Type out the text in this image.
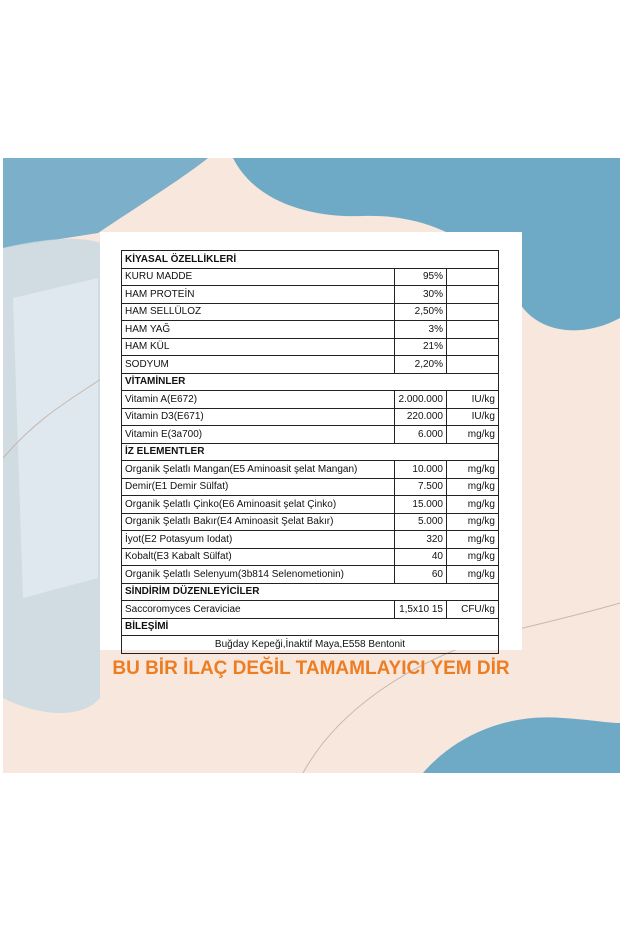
KİYASAL ÖZELLİKLERİ		
KURU MADDE	95%	
HAM PROTEİN	30%	
HAM SELLÜLOZ	2,50%	
HAM YAĞ	3%	
HAM KÜL	21%	
SODYUM	2,20%	
VİTAMİNLER		
Vitamin A(E672)	2.000.000	IU/kg
Vitamin D3(E671)	220.000	IU/kg
Vitamin E(3a700)	6.000	mg/kg
İZ ELEMENTLER		
Organik Şelatlı Mangan(E5 Aminoasit şelat Mangan)	10.000	mg/kg
Demir(E1 Demir Sülfat)	7.500	mg/kg
Organik Şelatlı Çinko(E6 Aminoasit şelat Çinko)	15.000	mg/kg
Organik Şelatlı Bakır(E4 Aminoasit Şelat Bakır)	5.000	mg/kg
İyot(E2 Potasyum Iodat)	320	mg/kg
Kobalt(E3 Kabalt Sülfat)	40	mg/kg
Organik Şelatlı Selenyum(3b814 Selenometionin)	60	mg/kg
SİNDİRİM DÜZENLEYİCİLER		
Saccoromyces Ceraviciae	1,5x10 15	CFU/kg
BİLEŞİMİ		
Buğday Kepeği,İnaktif Maya,E558 Bentonit		
BU BİR İLAÇ DEĞİL TAMAMLAYICI YEM DİR
